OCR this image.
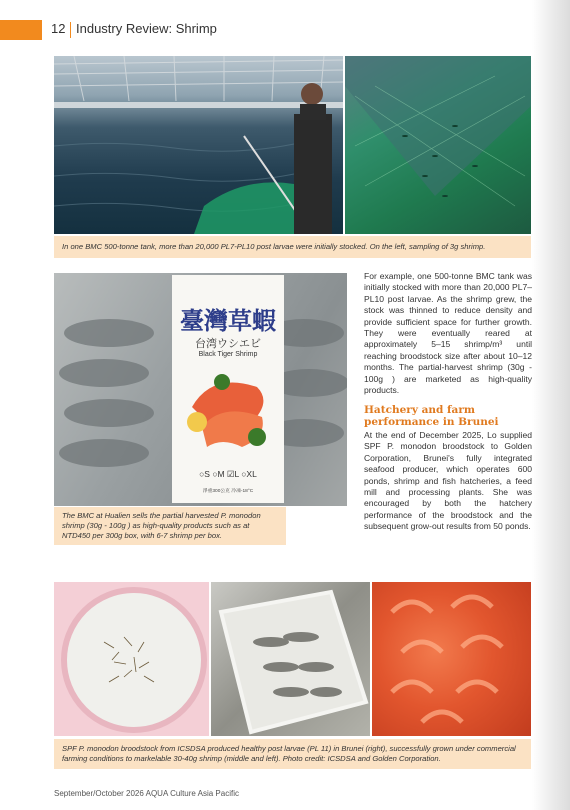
12 Industry Review: Shrimp
In one BMC 500-tonne tank, more than 20,000 PL7-PL10 post larvae were initially stocked. On the left, sampling of 3g shrimp.
臺灣草蝦
台湾ウシエビ
Black Tiger Shrimp
○S ○M ☑L ○XL
淨重300公克 冷凍-18°C
The BMC at Hualien sells the partial harvested P. monodon shrimp (30g - 100g ) as high-quality products such as at NTD450 per 300g box, with 6-7 shrimp per box.

For example, one 500-tonne BMC tank was initially stocked with more than 20,000 PL7–PL10 post larvae. As the shrimp grew, the stock was thinned to reduce density and provide sufficient space for further growth. They were eventually reared at approximately 5–15 shrimp/m³ until reaching broodstock size after about 10–12 months. The partial-harvest shrimp (30g - 100g ) are marketed as high-quality products.

Hatchery and farm performance in Brunei

At the end of December 2025, Lo supplied SPF P. monodon broodstock to Golden Corporation, Brunei's fully integrated seafood producer, which operates 600 ponds, shrimp and fish hatcheries, a feed mill and processing plants. She was encouraged by both the hatchery performance of the broodstock and the subsequent grow-out results from 50 ponds.

SPF P. monodon broodstock from ICSDSA produced healthy post larvae (PL 11) in Brunei (right), successfully grown under commercial farming conditions to markelable 30-40g shrimp (middle and left). Photo credit: ICSDSA and Golden Corporation.
September/October 2026 AQUA Culture Asia Pacific
